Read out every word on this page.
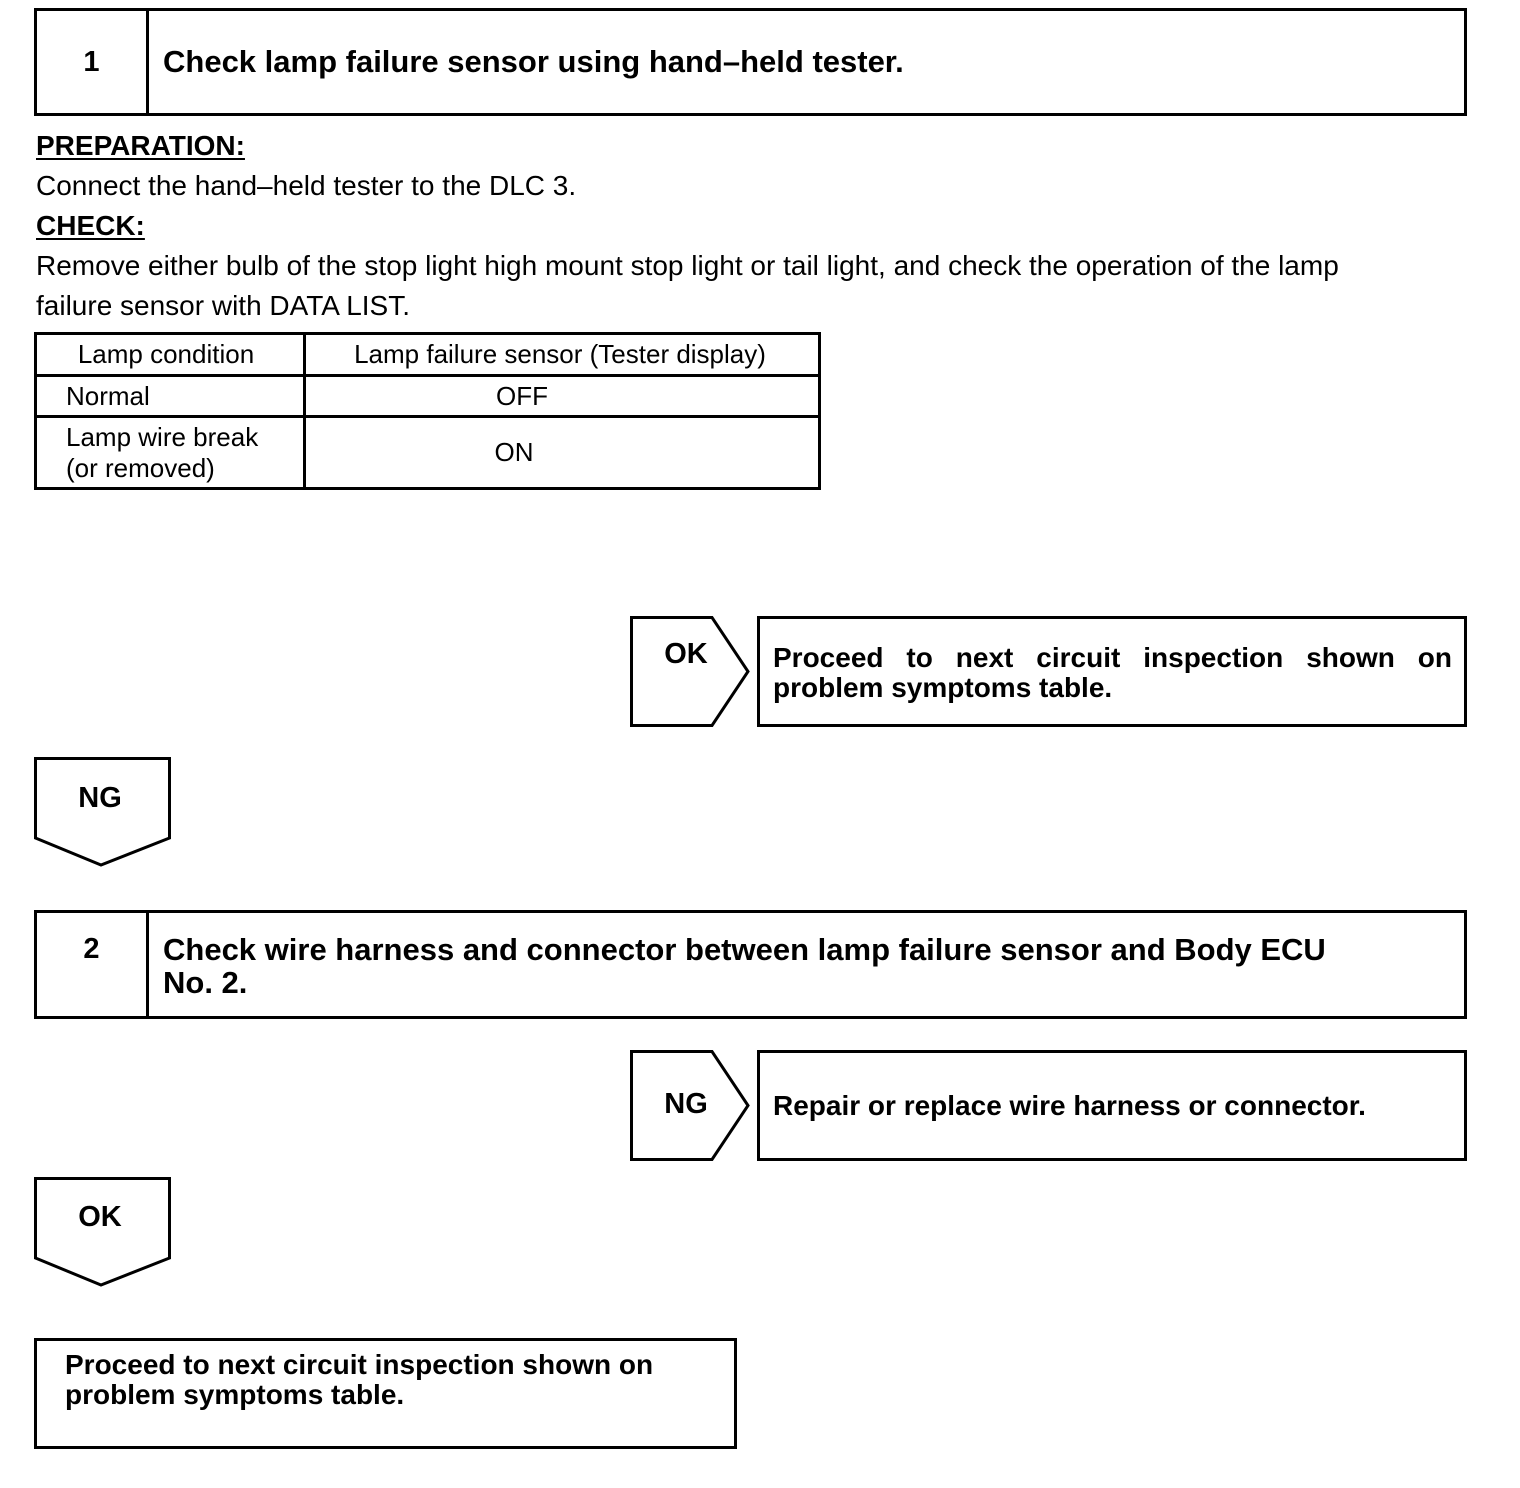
1	Check lamp failure sensor using hand–held tester.
PREPARATION:
Connect the hand–held tester to the DLC 3.
CHECK:
Remove either bulb of the stop light high mount stop light or tail light, and check the operation of the lamp
failure sensor with DATA LIST.
Lamp condition	Lamp failure sensor (Tester display)
Normal	OFF

Lamp wire break
(or removed)	ON
OK	Proceed to next circuit inspection shown on
problem symptoms table.
NG
2	Check wire harness and connector between lamp failure sensor and Body ECU
No. 2.
NG	Repair or replace wire harness or connector.
OK
Proceed to next circuit inspection shown on
problem symptoms table.
